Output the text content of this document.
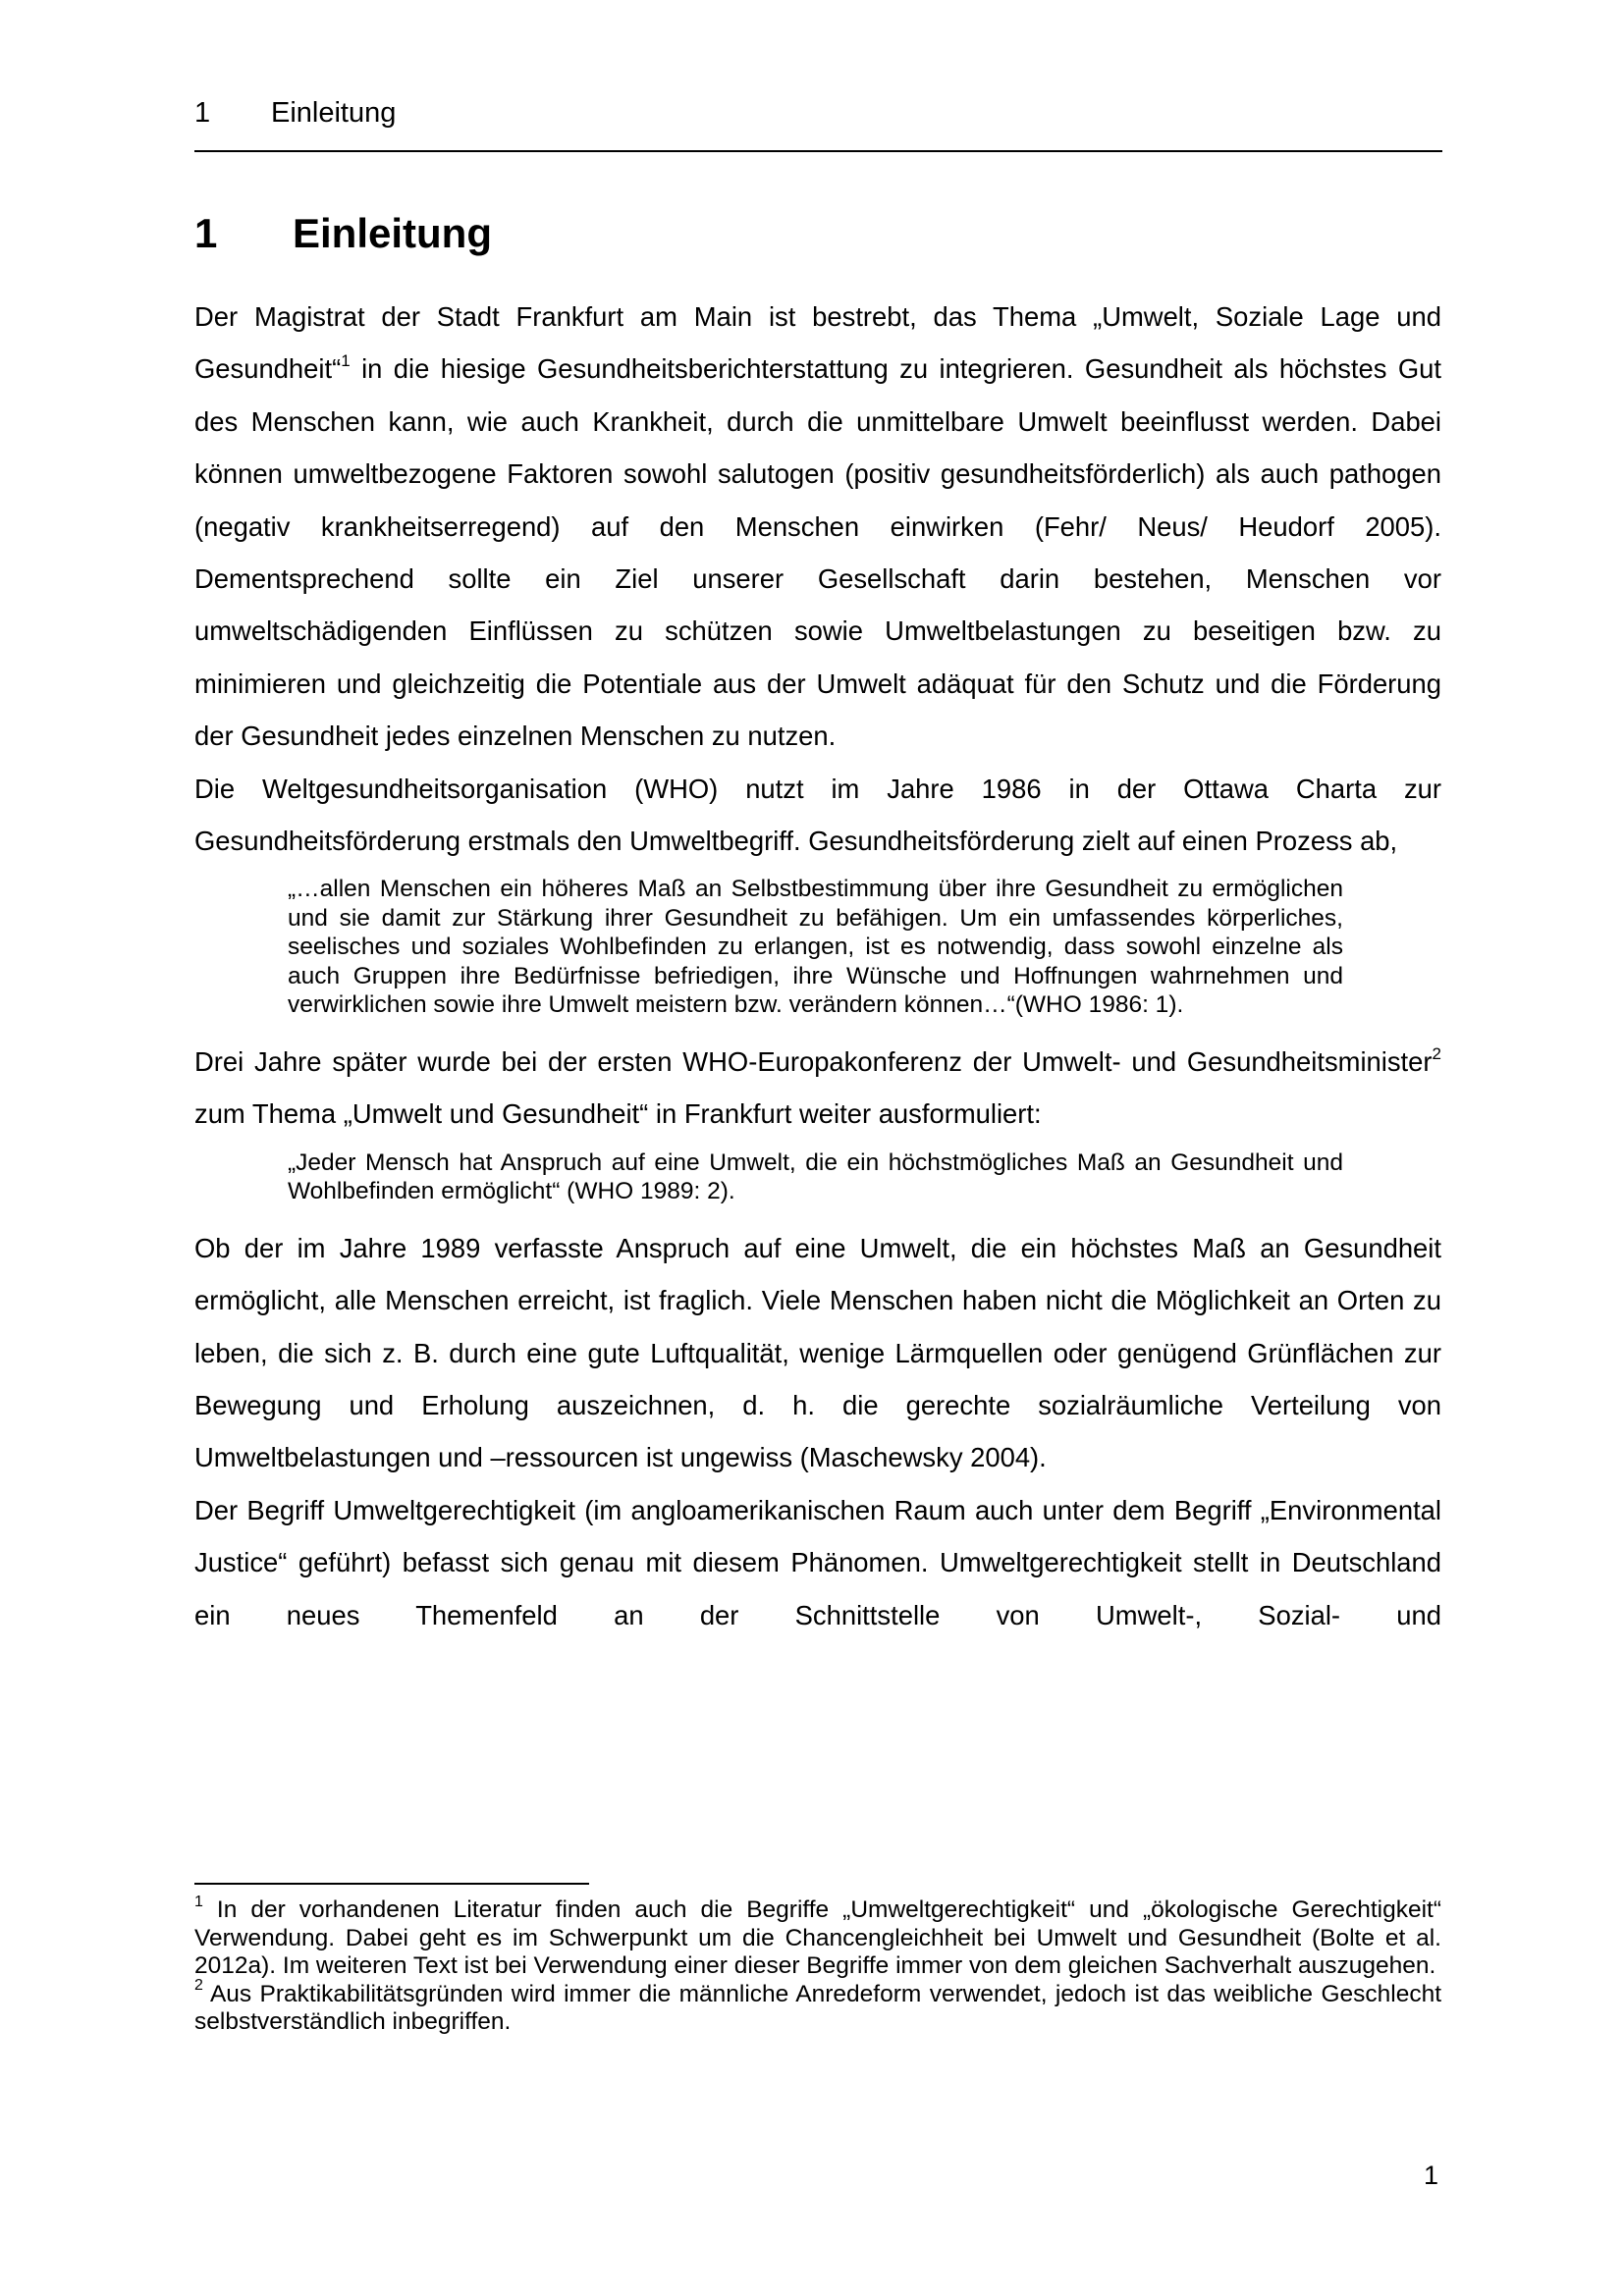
1 Einleitung
1 Einleitung

Der Magistrat der Stadt Frankfurt am Main ist bestrebt, das Thema „Umwelt, Soziale Lage und Gesundheit“$^1$ in die hiesige Gesundheitsberichterstattung zu integrieren. Gesundheit als höchstes Gut des Menschen kann, wie auch Krankheit, durch die unmittelbare Umwelt beeinflusst werden. Dabei können umweltbezogene Faktoren sowohl salutogen (positiv gesundheitsförderlich) als auch pathogen (negativ krankheitserregend) auf den Menschen einwirken (Fehr/ Neus/ Heudorf 2005). Dementsprechend sollte ein Ziel unserer Gesellschaft darin bestehen, Menschen vor umweltschädigenden Einflüssen zu schützen sowie Umweltbelastungen zu beseitigen bzw. zu minimieren und gleichzeitig die Potentiale aus der Umwelt adäquat für den Schutz und die Förderung der Gesundheit jedes einzelnen Menschen zu nutzen.

Die Weltgesundheitsorganisation (WHO) nutzt im Jahre 1986 in der Ottawa Charta zur Gesundheitsförderung erstmals den Umweltbegriff. Gesundheitsförderung zielt auf einen Prozess ab,

„…allen Menschen ein höheres Maß an Selbstbestimmung über ihre Gesundheit zu ermöglichen und sie damit zur Stärkung ihrer Gesundheit zu befähigen. Um ein umfassendes körperliches, seelisches und soziales Wohlbefinden zu erlangen, ist es notwendig, dass sowohl einzelne als auch Gruppen ihre Bedürfnisse befriedigen, ihre Wünsche und Hoffnungen wahrnehmen und verwirklichen sowie ihre Umwelt meistern bzw. verändern können…“(WHO 1986: 1).

Drei Jahre später wurde bei der ersten WHO-Europakonferenz der Umwelt- und Gesundheitsminister$^2$ zum Thema „Umwelt und Gesundheit“ in Frankfurt weiter ausformuliert:

„Jeder Mensch hat Anspruch auf eine Umwelt, die ein höchstmögliches Maß an Gesundheit und Wohlbefinden ermöglicht“ (WHO 1989: 2).

Ob der im Jahre 1989 verfasste Anspruch auf eine Umwelt, die ein höchstes Maß an Gesundheit ermöglicht, alle Menschen erreicht, ist fraglich. Viele Menschen haben nicht die Möglichkeit an Orten zu leben, die sich z. B. durch eine gute Luftqualität, wenige Lärmquellen oder genügend Grünflächen zur Bewegung und Erholung auszeichnen, d. h. die gerechte sozialräumliche Verteilung von Umweltbelastungen und –ressourcen ist ungewiss (Maschewsky 2004).

Der Begriff Umweltgerechtigkeit (im angloamerikanischen Raum auch unter dem Begriff „Environmental Justice“ geführt) befasst sich genau mit diesem Phänomen. Umweltgerechtigkeit stellt in Deutschland ein neues Themenfeld an der Schnittstelle von Umwelt-, Sozial- und

$^1$ In der vorhandenen Literatur finden auch die Begriffe „Umweltgerechtigkeit“ und „ökologische Gerechtigkeit“ Verwendung. Dabei geht es im Schwerpunkt um die Chancengleichheit bei Umwelt und Gesundheit (Bolte et al. 2012a). Im weiteren Text ist bei Verwendung einer dieser Begriffe immer von dem gleichen Sachverhalt auszugehen.

$^2$ Aus Praktikabilitätsgründen wird immer die männliche Anredeform verwendet, jedoch ist das weibliche Geschlecht selbstverständlich inbegriffen.

1
